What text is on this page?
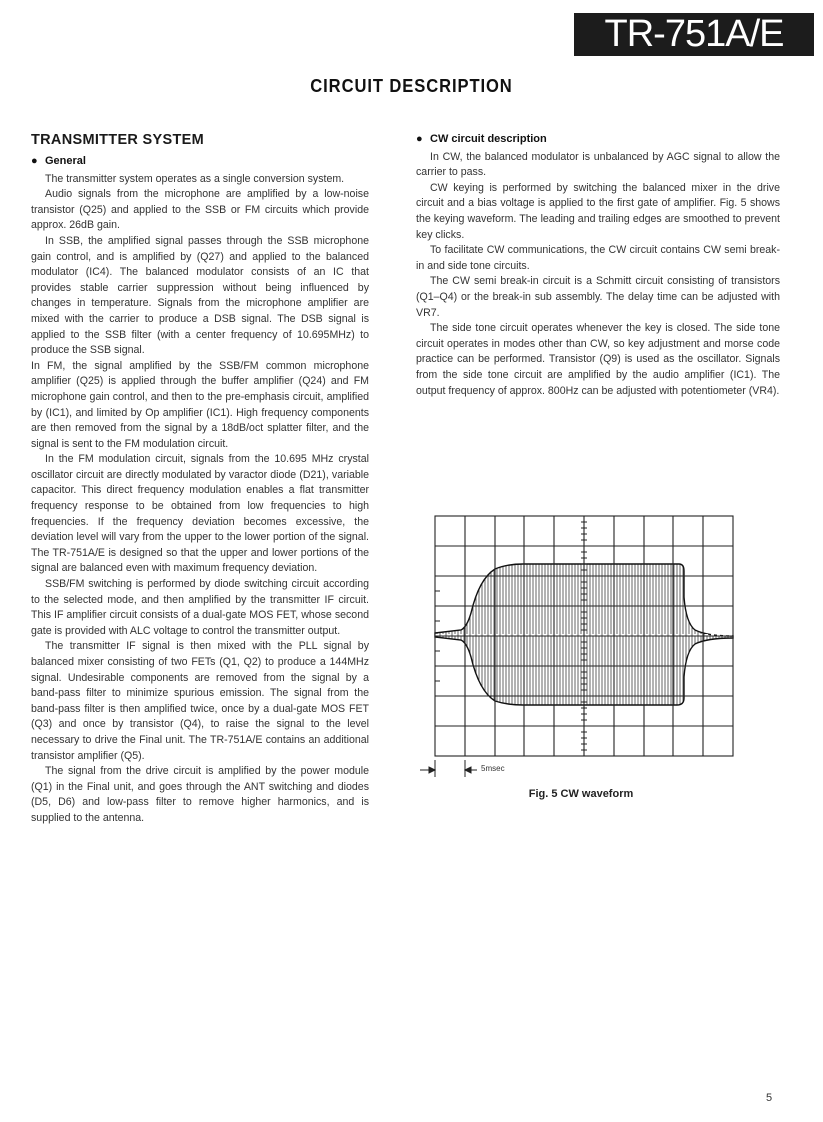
TR-751A/E
CIRCUIT DESCRIPTION
TRANSMITTER SYSTEM
● General

The transmitter system operates as a single conversion system.

Audio signals from the microphone are amplified by a low-noise transistor (Q25) and applied to the SSB or FM circuits which provide approx. 26dB gain.

In SSB, the amplified signal passes through the SSB microphone gain control, and is amplified by (Q27) and applied to the balanced modulator (IC4). The balanced modulator consists of an IC that provides stable carrier suppression without being influenced by changes in temperature. Signals from the microphone amplifier are mixed with the carrier to produce a DSB signal. The DSB signal is applied to the SSB filter (with a center frequency of 10.695MHz) to produce the SSB signal.

In FM, the signal amplified by the SSB/FM common microphone amplifier (Q25) is applied through the buffer amplifier (Q24) and FM microphone gain control, and then to the pre-emphasis circuit, amplified by (IC1), and limited by Op amplifier (IC1). High frequency components are then removed from the signal by a 18dB/oct splatter filter, and the signal is sent to the FM modulation circuit.

In the FM modulation circuit, signals from the 10.695 MHz crystal oscillator circuit are directly modulated by varactor diode (D21), variable capacitor. This direct frequency modulation enables a flat transmitter frequency response to be obtained from low frequencies to high frequencies. If the frequency deviation becomes excessive, the deviation level will vary from the upper to the lower portion of the signal. The TR-751A/E is designed so that the upper and lower portions of the signal are balanced even with maximum frequency deviation.

SSB/FM switching is performed by diode switching circuit according to the selected mode, and then amplified by the transmitter IF circuit. This IF amplifier circuit consists of a dual-gate MOS FET, whose second gate is provided with ALC voltage to control the transmitter output.

The transmitter IF signal is then mixed with the PLL signal by balanced mixer consisting of two FETs (Q1, Q2) to produce a 144MHz signal. Undesirable components are removed from the signal by a band-pass filter to minimize spurious emission. The signal from the band-pass filter is then amplified twice, once by a dual-gate MOS FET (Q3) and once by transistor (Q4), to raise the signal to the level necessary to drive the Final unit. The TR-751A/E contains an additional transistor amplifier (Q5).

The signal from the drive circuit is amplified by the power module (Q1) in the Final unit, and goes through the ANT switching and diodes (D5, D6) and low-pass filter to remove higher harmonics, and is supplied to the antenna.

● CW circuit description

In CW, the balanced modulator is unbalanced by AGC signal to allow the carrier to pass.

CW keying is performed by switching the balanced mixer in the drive circuit and a bias voltage is applied to the first gate of amplifier. Fig. 5 shows the keying waveform. The leading and trailing edges are smoothed to prevent key clicks.

To facilitate CW communications, the CW circuit contains CW semi break-in and side tone circuits.

The CW semi break-in circuit is a Schmitt circuit consisting of transistors (Q1–Q4) or the break-in sub assembly. The delay time can be adjusted with VR7.

The side tone circuit operates whenever the key is closed. The side tone circuit operates in modes other than CW, so key adjustment and morse code practice can be performed. Transistor (Q9) is used as the oscillator. Signals from the side tone circuit are amplified by the audio amplifier (IC1). The output frequency of approx. 800Hz can be adjusted with potentiometer (VR4).

5msec
Fig. 5 CW waveform
5
